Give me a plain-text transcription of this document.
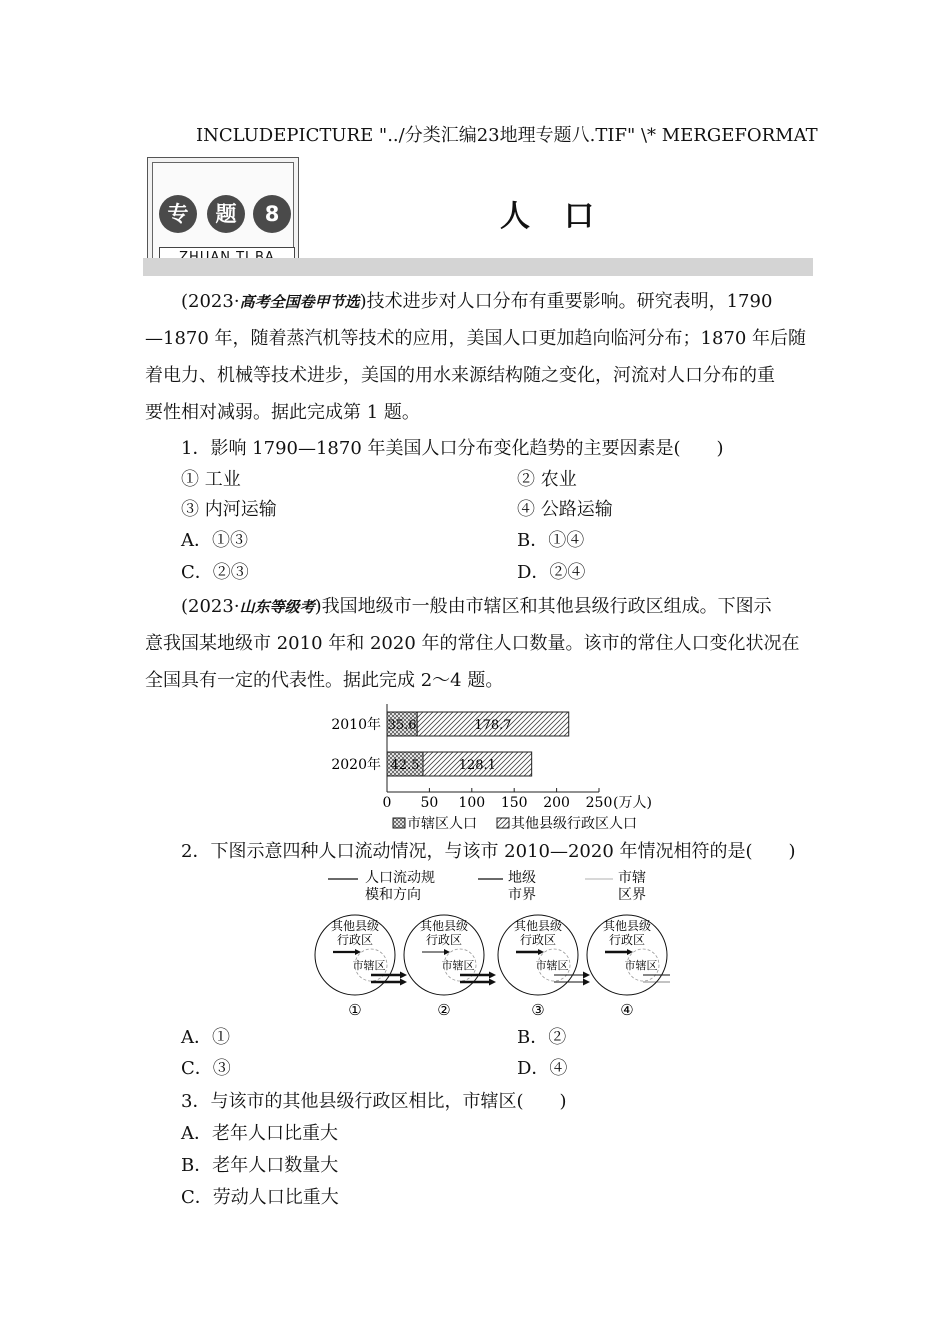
INCLUDEPICTURE "../分类汇编23地理专题八.TIF" \* MERGEFORMAT
专	题	8	人口
(2023·高考全国卷甲节选)技术进步对人口分布有重要影响。研究表明，1790
—1870 年，随着蒸汽机等技术的应用，美国人口更加趋向临河分布；1870 年后随
着电力、机械等技术进步，美国的用水来源结构随之变化，河流对人口分布的重
要性相对减弱。据此完成第 1 题。
1．影响 1790—1870 年美国人口分布变化趋势的主要因素是(　　)
① 工业	② 农业
③ 内河运输	④ 公路运输
A．①③	B．①④
C．②③	D．②④
(2023·山东等级考)我国地级市一般由市辖区和其他县级行政区组成。下图示
意我国某地级市 2010 年和 2020 年的常住人口数量。该市的常住人口变化状况在
全国具有一定的代表性。据此完成 2～4 题。
2010年 35.6	178.7
2020年 42.5	128.1
0 50 100 150 200 250 (万人)
市辖区人口 其他县级行政区人口
2．下图示意四种人口流动情况，与该市 2010—2020 年情况相符的是(　　)
人口流动规
模和方向
地级
市界
市辖
区界
其他县级
行政区
市辖区
①
其他县级
行政区
市辖区
②
其他县级
行政区
市辖区
③
其他县级
行政区
市辖区
④
A．①	B．②
C．③	D．④
3．与该市的其他县级行政区相比，市辖区(　　)
A．老年人口比重大
B．老年人口数量大
C．劳动人口比重大
